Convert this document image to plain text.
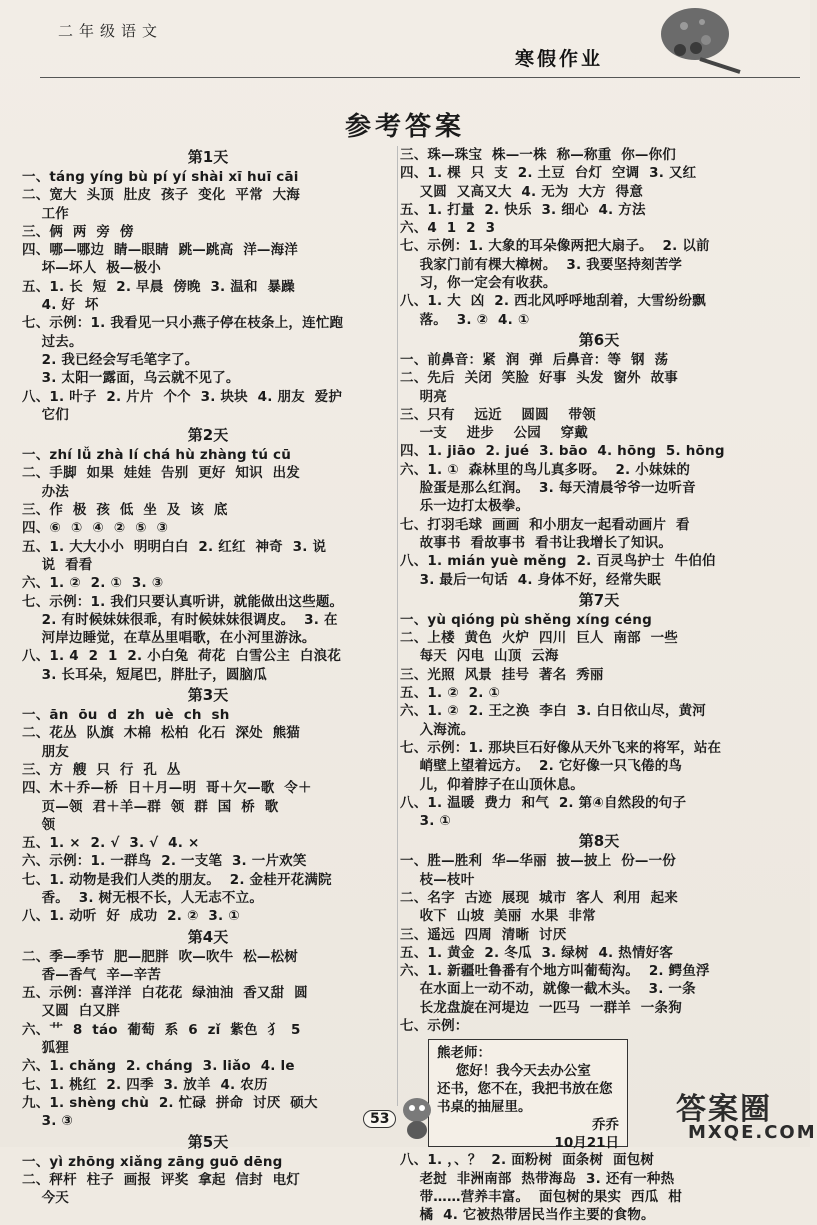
二年级语文
寒假作业
参考答案
第1天
一、táng yíng bù pí yí shài xī huī cāi
二、宽大  头顶  肚皮  孩子  变化  平常  大海
工作
三、俩  两  旁  傍
四、哪—哪边  睛—眼睛  跳—跳高  洋—海洋
坏—坏人  极—极小
五、1. 长  短  2. 早晨  傍晚  3. 温和  暴躁
4. 好  坏
七、示例：1. 我看见一只小燕子停在枝条上，连忙跑
过去。
2. 我已经会写毛笔字了。
3. 太阳一露面，乌云就不见了。
八、1. 叶子  2. 片片  个个  3. 块块  4. 朋友  爱护
它们
第2天
一、zhí lǚ zhà lí chá hù zhàng tú cū
二、手脚  如果  娃娃  告别  更好  知识  出发
办法
三、作  极  孩  低  坐  及  该  底
四、⑥  ①  ④  ②  ⑤  ③
五、1. 大大小小  明明白白  2. 红红  神奇  3. 说
说  看看
六、1. ②  2. ①  3. ③
七、示例：1. 我们只要认真听讲，就能做出这些题。
2. 有时候妹妹很乖，有时候妹妹很调皮。  3. 在
河岸边睡觉，在草丛里唱歌，在小河里游泳。
八、1. 4  2  1  2. 小白兔  荷花  白雪公主  白浪花
3. 长耳朵，短尾巴，胖肚子，圆脑瓜
第3天
一、ān  ōu  d  zh  uè  ch  sh
二、花丛  队旗  木棉  松柏  化石  深处  熊猫
朋友
三、方  艘  只  行  孔  丛
四、木＋乔—桥  日＋月—明  哥＋欠—歌  令＋
页—领  君＋羊—群  领  群  国  桥  歌
领
五、1. ×  2. √  3. √  4. ×
六、示例：1. 一群鸟  2. 一支笔  3. 一片欢笑
七、1. 动物是我们人类的朋友。  2. 金桂开花满院
香。  3. 树无根不长，人无志不立。
八、1. 动听  好  成功  2. ②  3. ①
第4天
二、季—季节  肥—肥胖  吹—吹牛  松—松树
香—香气  辛—辛苦
五、示例：喜洋洋  白花花  绿油油  香又甜  圆
又圆  白又胖
六、艹  8  táo  葡萄  系  6  zǐ  紫色  犭  5
狐狸
六、1. chǎng  2. cháng  3. liǎo  4. le
七、1. 桃红  2. 四季  3. 放羊  4. 农历
九、1. shèng chù  2. 忙碌  拼命  讨厌  硕大
3. ③
第5天
一、yì zhōng xiǎng zāng guō dēng
二、秤杆  柱子  画报  评奖  拿起  信封  电灯
今天
三、珠—珠宝  株—一株  称—称重  你—你们
四、1. 棵  只  支  2. 土豆  台灯  空调  3. 又红
又圆  又高又大  4. 无为  大方  得意
五、1. 打量  2. 快乐  3. 细心  4. 方法
六、4  1  2  3
七、示例：1. 大象的耳朵像两把大扇子。  2. 以前
我家门前有棵大樟树。  3. 我要坚持刻苦学
习，你一定会有收获。
八、1. 大  凶  2. 西北风呼呼地刮着，大雪纷纷飘
落。  3. ②  4. ①
第6天
一、前鼻音：紧  润  弹  后鼻音：等  钢  荡
二、先后  关闭  笑脸  好事  头发  窗外  故事
明亮
三、只有    远近    圆圆    带领
一支    进步    公园    穿戴
四、1. jiāo  2. jué  3. bāo  4. hōng  5. hōng
六、1. ①  森林里的鸟儿真多呀。  2. 小妹妹的
脸蛋是那么红润。  3. 每天清晨爷爷一边听音
乐一边打太极拳。
七、打羽毛球  画画  和小朋友一起看动画片  看
故事书  看故事书  看书让我增长了知识。
八、1. mián yuè měng  2. 百灵鸟护士  牛伯伯
3. 最后一句话  4. 身体不好，经常失眠
第7天
一、yù qióng pù shěng xíng céng
二、上楼  黄色  火炉  四川  巨人  南部  一些
每天  闪电  山顶  云海
三、光照  风景  挂号  著名  秀丽
五、1. ②  2. ①
六、1. ②  2. 王之涣  李白  3. 白日依山尽，黄河
入海流。
七、示例：1. 那块巨石好像从天外飞来的将军，站在
峭壁上望着远方。  2. 它好像一只飞倦的鸟
儿，仰着脖子在山顶休息。
八、1. 温暖  费力  和气  2. 第④自然段的句子
3. ①
第8天
一、胜—胜利  华—华丽  披—披上  份—一份
枝—枝叶
二、名字  古迹  展现  城市  客人  利用  起来
收下  山坡  美丽  水果  非常
三、遥远  四周  清晰  讨厌
五、1. 黄金  2. 冬瓜  3. 绿树  4. 热情好客
六、1. 新疆吐鲁番有个地方叫葡萄沟。  2. 鳄鱼浮
在水面上一动不动，就像一截木头。  3. 一条
长龙盘旋在河堤边  一匹马  一群羊  一条狗
七、示例：
熊老师：
您好！我今天去办公室
还书，您不在，我把书放在您
书桌的抽屉里。
乔乔
10月21日
八、1. ，、？  2. 面粉树  面条树  面包树
老挝  非洲南部  热带海岛  3. 还有一种热
带……营养丰富。  面包树的果实  西瓜  柑
橘  4. 它被热带居民当作主要的食物。
53	答案圈
MXQE.COM
